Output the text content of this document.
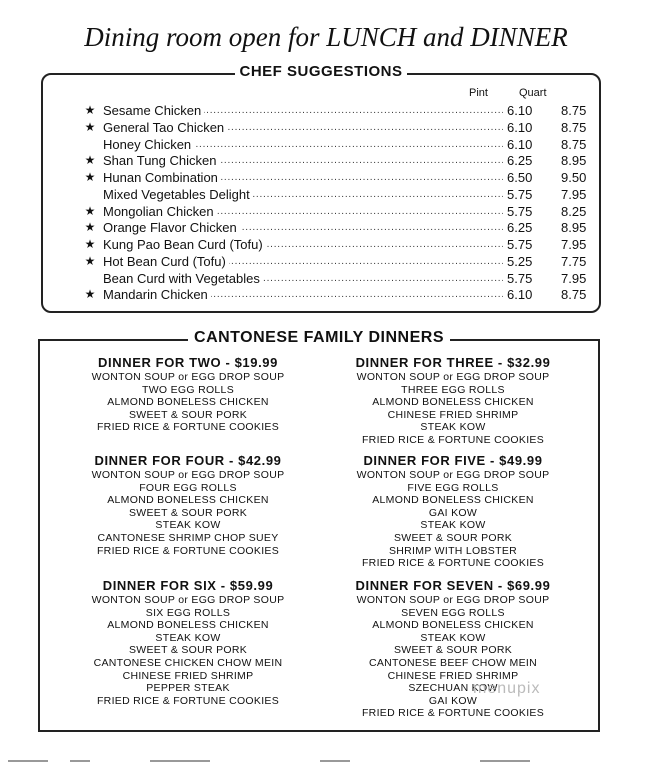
Dining room open for LUNCH and DINNER
CHEF SUGGESTIONS
Pint	Quart
★ Sesame Chicken . . .	6.10	8.75
★ General Tao Chicken . . .	6.10	8.75
Honey Chicken . . .	6.10	8.75
★ Shan Tung Chicken . . .	6.25	8.95
★ Hunan Combination . . .	6.50	9.50
Mixed Vegetables Delight . . .	5.75	7.95
★ Mongolian Chicken . . .	5.75	8.25
★ Orange Flavor Chicken . . .	6.25	8.95
★ Kung Pao Bean Curd (Tofu) . . .	5.75	7.95
★ Hot Bean Curd (Tofu) . . .	5.25	7.75
Bean Curd with Vegetables . . .	5.75	7.95
★ Mandarin Chicken . . .	6.10	8.75
CANTONESE FAMILY DINNERS
DINNER FOR TWO - $19.99
WONTON SOUP or EGG DROP SOUP
TWO EGG ROLLS
ALMOND BONELESS CHICKEN
SWEET & SOUR PORK
FRIED RICE & FORTUNE COOKIES
DINNER FOR THREE - $32.99
WONTON SOUP or EGG DROP SOUP
THREE EGG ROLLS
ALMOND BONELESS CHICKEN
CHINESE FRIED SHRIMP
STEAK KOW
FRIED RICE & FORTUNE COOKIES
DINNER FOR FOUR - $42.99
WONTON SOUP or EGG DROP SOUP
FOUR EGG ROLLS
ALMOND BONELESS CHICKEN
SWEET & SOUR PORK
STEAK KOW
CANTONESE SHRIMP CHOP SUEY
FRIED RICE & FORTUNE COOKIES
DINNER FOR FIVE - $49.99
WONTON SOUP or EGG DROP SOUP
FIVE EGG ROLLS
ALMOND BONELESS CHICKEN
GAI KOW
STEAK KOW
SWEET & SOUR PORK
SHRIMP WITH LOBSTER
FRIED RICE & FORTUNE COOKIES
DINNER FOR SIX - $59.99
WONTON SOUP or EGG DROP SOUP
SIX EGG ROLLS
ALMOND BONELESS CHICKEN
STEAK KOW
SWEET & SOUR PORK
CANTONESE CHICKEN CHOW MEIN
CHINESE FRIED SHRIMP
PEPPER STEAK
FRIED RICE & FORTUNE COOKIES
DINNER FOR SEVEN - $69.99
WONTON SOUP or EGG DROP SOUP
SEVEN EGG ROLLS
ALMOND BONELESS CHICKEN
STEAK KOW
SWEET & SOUR PORK
CANTONESE BEEF CHOW MEIN
CHINESE FRIED SHRIMP
SZECHUAN KOW
GAI KOW
FRIED RICE & FORTUNE COOKIES
menupix
